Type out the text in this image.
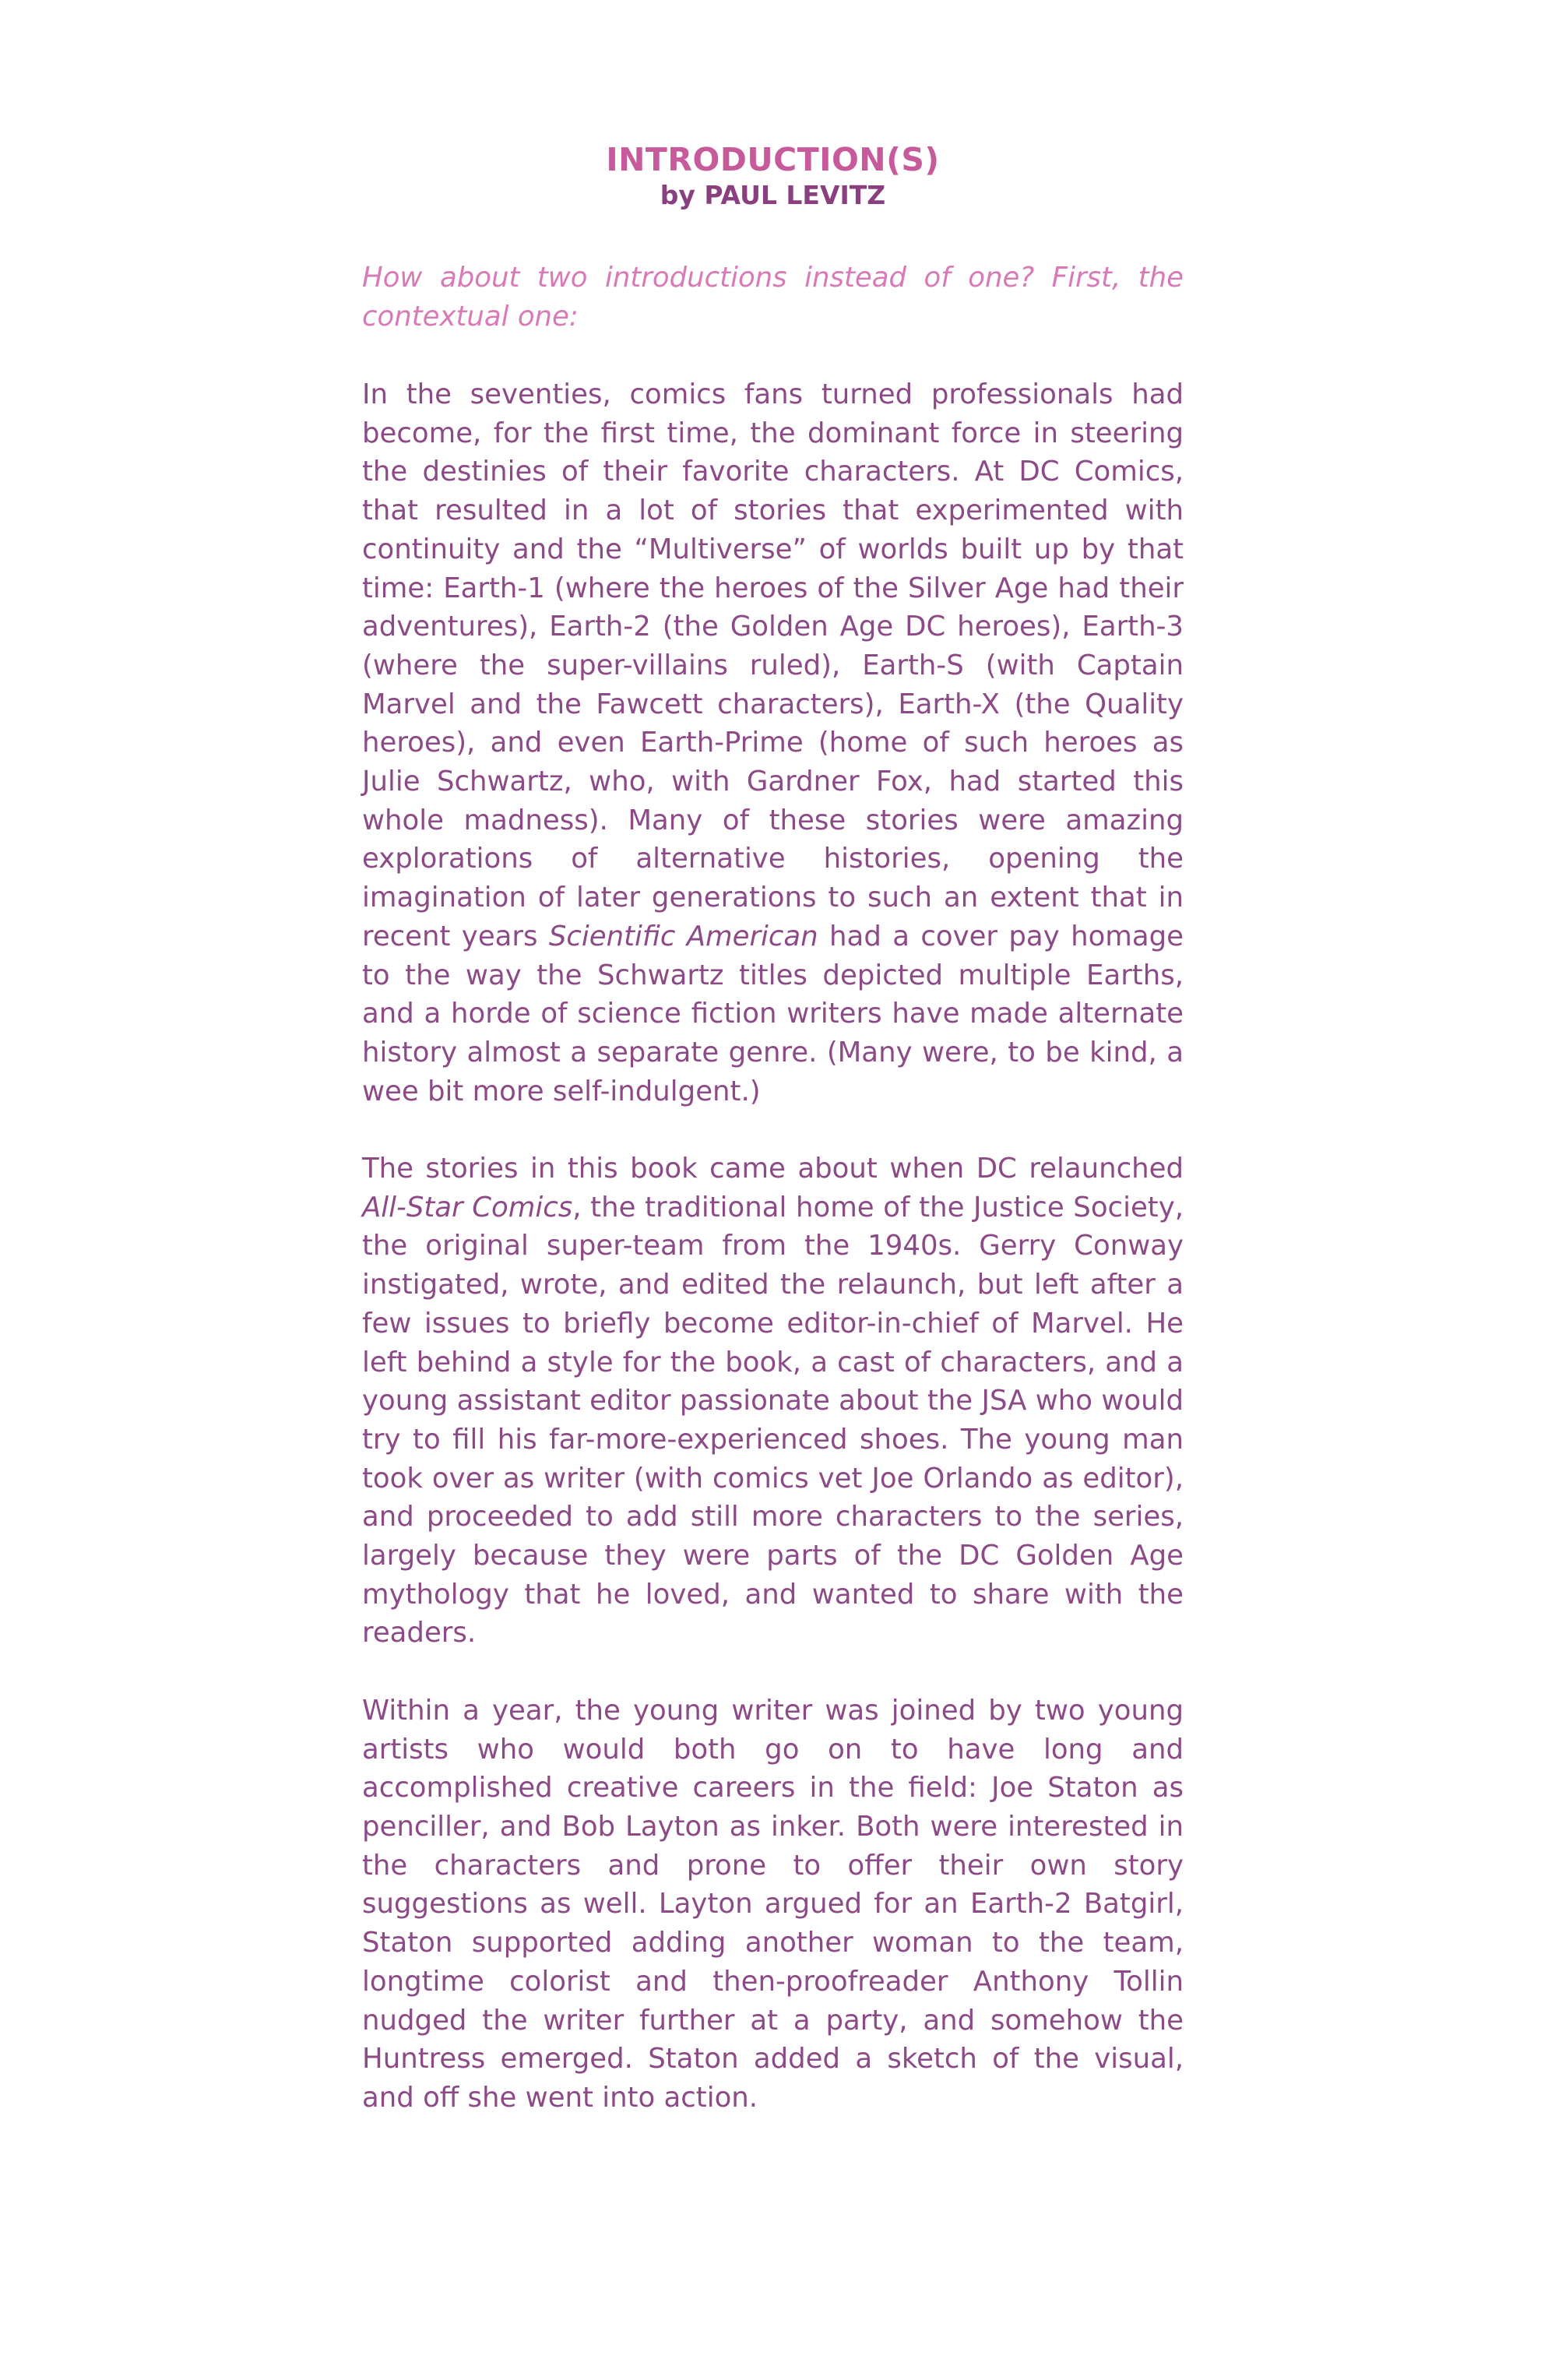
INTRODUCTION(S)
by PAUL LEVITZ

How about two introductions instead of one? First, the contextual one:

In the seventies, comics fans turned professionals had become, for the first time, the dominant force in steering the destinies of their favorite characters. At DC Comics, that resulted in a lot of stories that experimented with continuity and the “Multiverse” of worlds built up by that time: Earth-1 (where the heroes of the Silver Age had their adventures), Earth-2 (the Golden Age DC heroes), Earth-3 (where the super-villains ruled), Earth-S (with Captain Marvel and the Fawcett characters), Earth-X (the Quality heroes), and even Earth-Prime (home of such heroes as Julie Schwartz, who, with Gardner Fox, had started this whole madness). Many of these stories were amazing explorations of alternative histories, opening the imagination of later generations to such an extent that in recent years Scientific American had a cover pay homage to the way the Schwartz titles depicted multiple Earths, and a horde of science fiction writers have made alternate history almost a separate genre. (Many were, to be kind, a wee bit more self-indulgent.)

The stories in this book came about when DC relaunched All-Star Comics, the traditional home of the Justice Society, the original super-team from the 1940s. Gerry Conway instigated, wrote, and edited the relaunch, but left after a few issues to briefly become editor-in-chief of Marvel. He left behind a style for the book, a cast of characters, and a young assistant editor passionate about the JSA who would try to fill his far-more-experienced shoes. The young man took over as writer (with comics vet Joe Orlando as editor), and proceeded to add still more characters to the series, largely because they were parts of the DC Golden Age mythology that he loved, and wanted to share with the readers.

Within a year, the young writer was joined by two young artists who would both go on to have long and accomplished creative careers in the field: Joe Staton as penciller, and Bob Layton as inker. Both were interested in the characters and prone to offer their own story suggestions as well. Layton argued for an Earth-2 Batgirl, Staton supported adding another woman to the team, longtime colorist and then-proofreader Anthony Tollin nudged the writer further at a party, and somehow the Huntress emerged. Staton added a sketch of the visual, and off she went into action.
